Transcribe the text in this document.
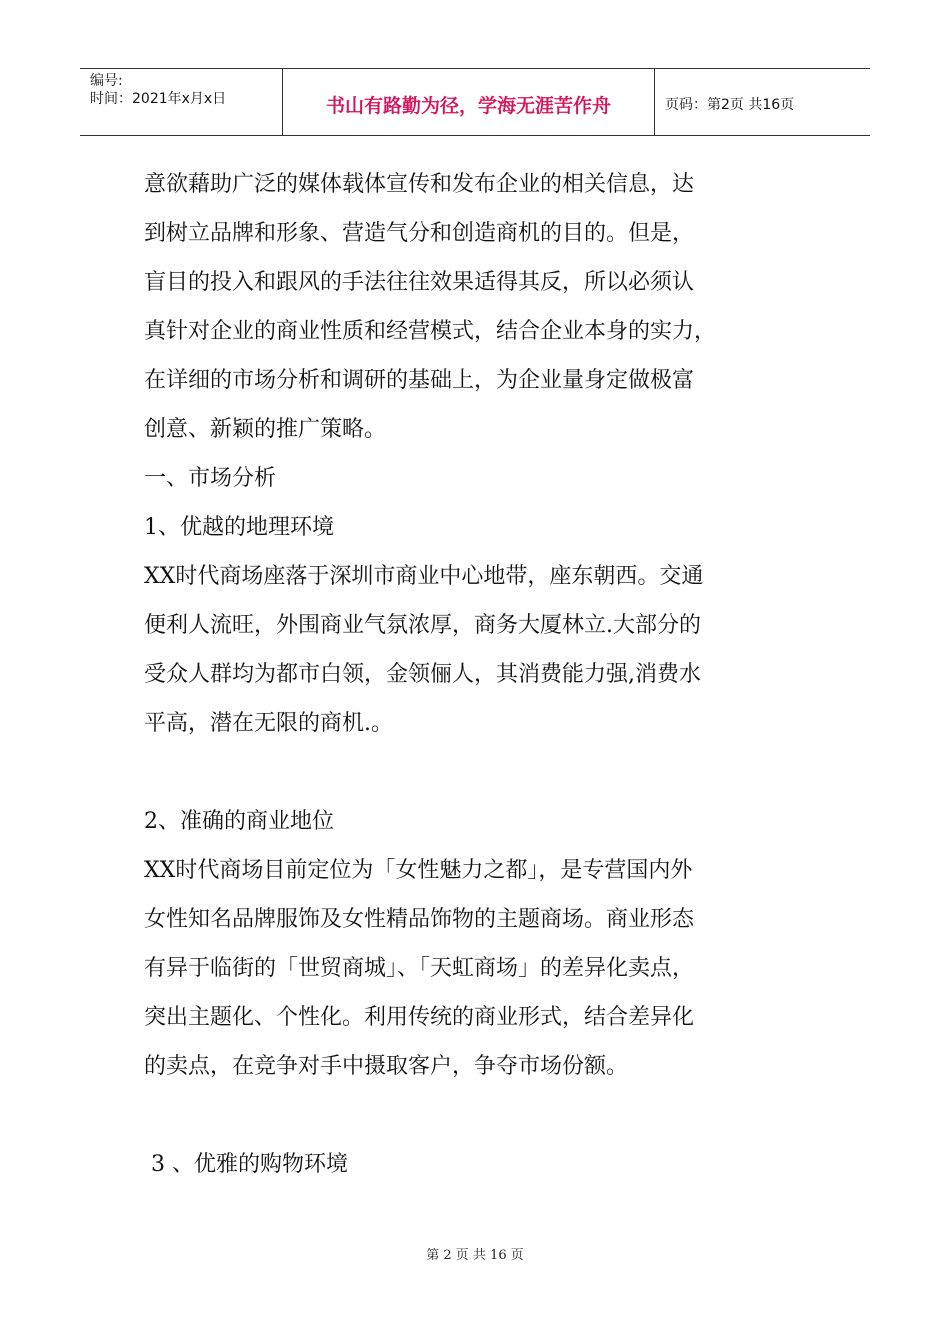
编号:
时间：2021年x月x日	书山有路勤为径，学海无涯苦作舟	页码：第2页 共16页

意欲藉助广泛的媒体载体宣传和发布企业的相关信息，达

到树立品牌和形象、营造气分和创造商机的目的。但是，

盲目的投入和跟风的手法往往效果适得其反，所以必须认

真针对企业的商业性质和经营模式，结合企业本身的实力，

在详细的市场分析和调研的基础上，为企业量身定做极富

创意、新颖的推广策略。

一、市场分析

1、优越的地理环境

XX时代商场座落于深圳市商业中心地带，座东朝西。交通

便利人流旺，外围商业气氛浓厚，商务大厦林立.大部分的

受众人群均为都市白领，金领俪人，其消费能力强,消费水

平高，潜在无限的商机.。

2、准确的商业地位

XX时代商场目前定位为「女性魅力之都」，是专营国内外

女性知名品牌服饰及女性精品饰物的主题商场。商业形态

有异于临街的「世贸商城」、「天虹商场」的差异化卖点，

突出主题化、个性化。利用传统的商业形式，结合差异化

的卖点，在竞争对手中摄取客户，争夺市场份额。

3 、优雅的购物环境

第 2 页 共 16 页
